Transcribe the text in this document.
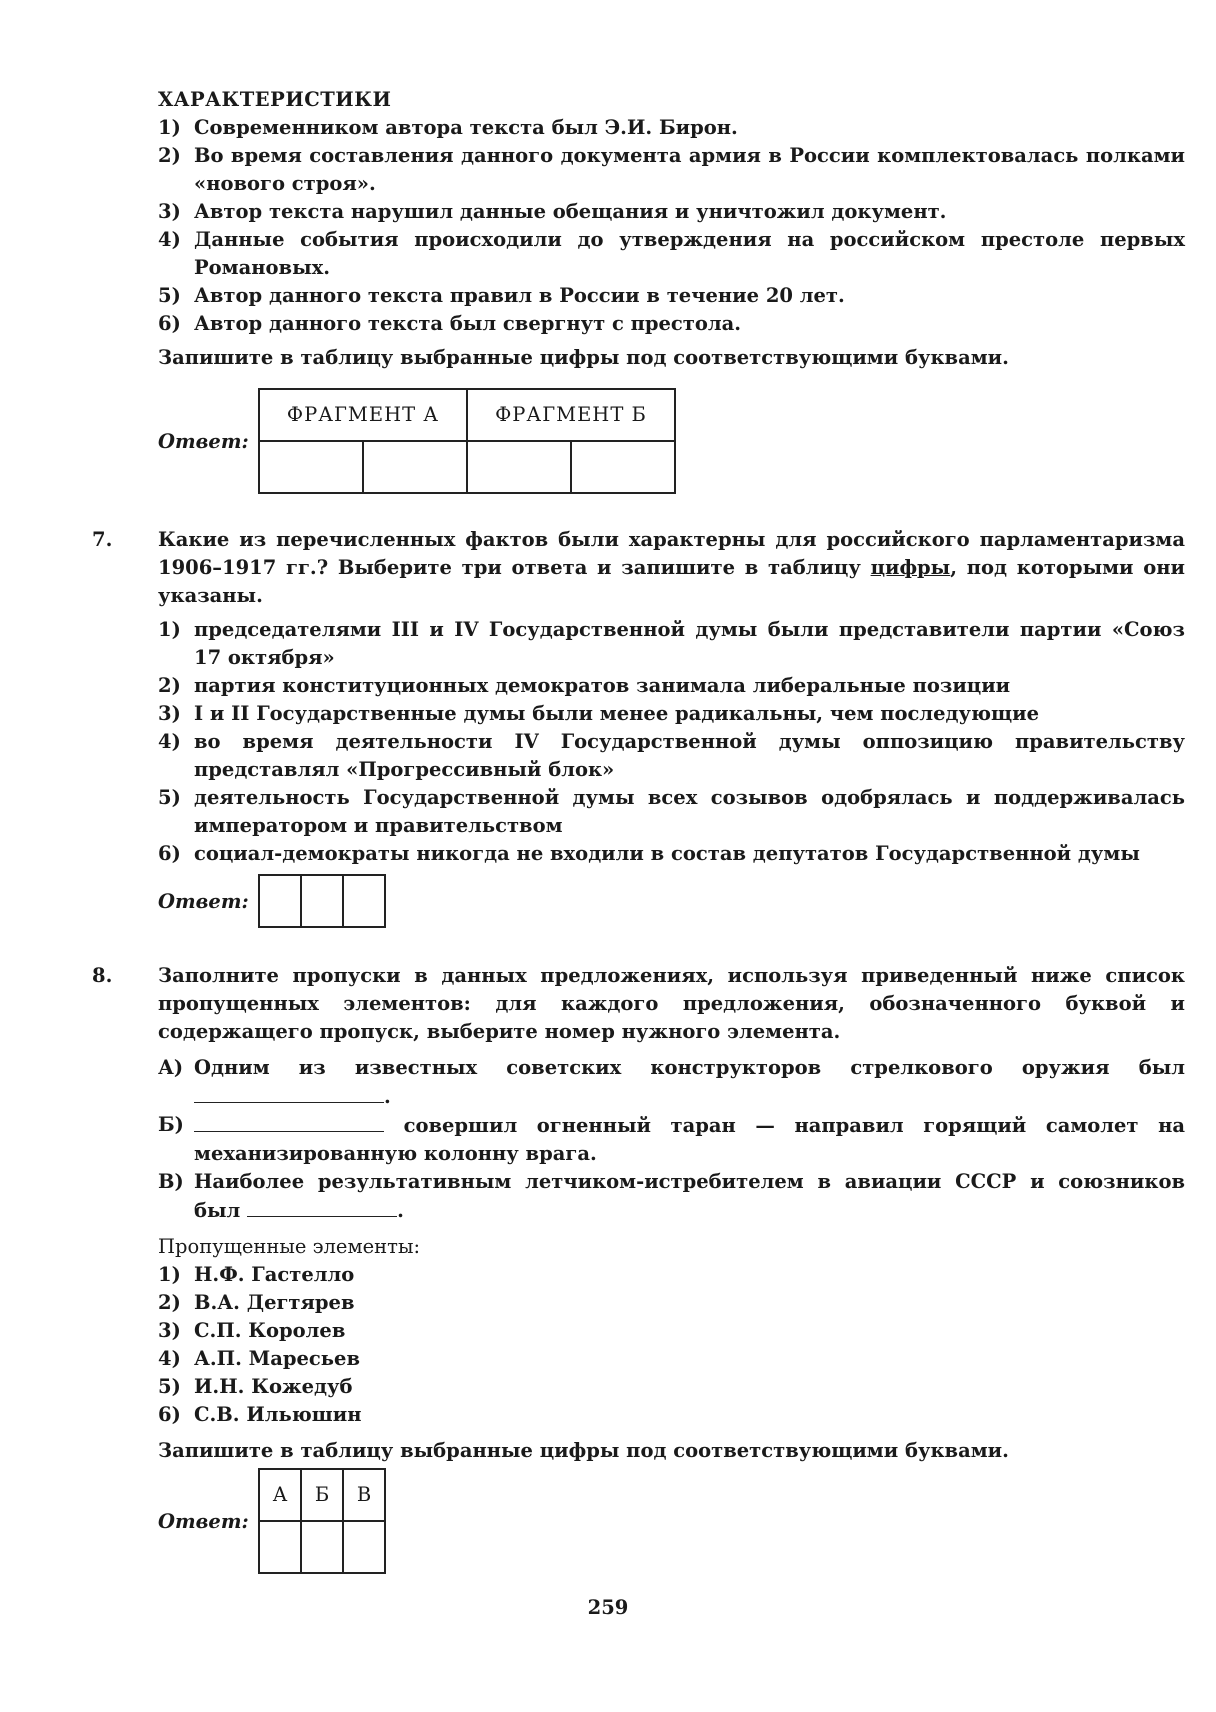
ХАРАКТЕРИСТИКИ
1) Современником автора текста был Э.И. Бирон.
2) Во время составления данного документа армия в России комплектовалась полками «нового строя».
3) Автор текста нарушил данные обещания и уничтожил документ.
4) Данные события происходили до утверждения на российском престоле первых Романовых.
5) Автор данного текста правил в России в течение 20 лет.
6) Автор данного текста был свергнут с престола.
Запишите в таблицу выбранные цифры под соответствующими буквами.
Ответ:
ФРАГМЕНТ А		ФРАГМЕНТ Б	

7. Какие из перечисленных фактов были характерны для российского парламентаризма 1906–1917 гг.? Выберите три ответа и запишите в таблицу цифры, под которыми они указаны.
1) председателями III и IV Государственной думы были представители партии «Союз 17 октября»
2) партия конституционных демократов занимала либеральные позиции
3) I и II Государственные думы были менее радикальны, чем последующие
4) во время деятельности IV Государственной думы оппозицию правительству представлял «Прогрессивный блок»
5) деятельность Государственной думы всех созывов одобрялась и поддерживалась императором и правительством
6) социал-демократы никогда не входили в состав депутатов Государственной думы
Ответ:

8. Заполните пропуски в данных предложениях, используя приведенный ниже список пропущенных элементов: для каждого предложения, обозначенного буквой и содержащего пропуск, выберите номер нужного элемента.
А) Одним из известных советских конструкторов стрелкового оружия был .
Б)	совершил огненный таран — направил горящий самолет на механизированную колонну врага.
В) Наиболее результативным летчиком-истребителем в авиации СССР и союзников был	.
Пропущенные элементы:
1) Н.Ф. Гастелло
2) В.А. Дегтярев
3) С.П. Королев
4) А.П. Маресьев
5) И.Н. Кожедуб
6) С.В. Ильюшин
Запишите в таблицу выбранные цифры под соответствующими буквами.
Ответ:
А	Б	В

259
